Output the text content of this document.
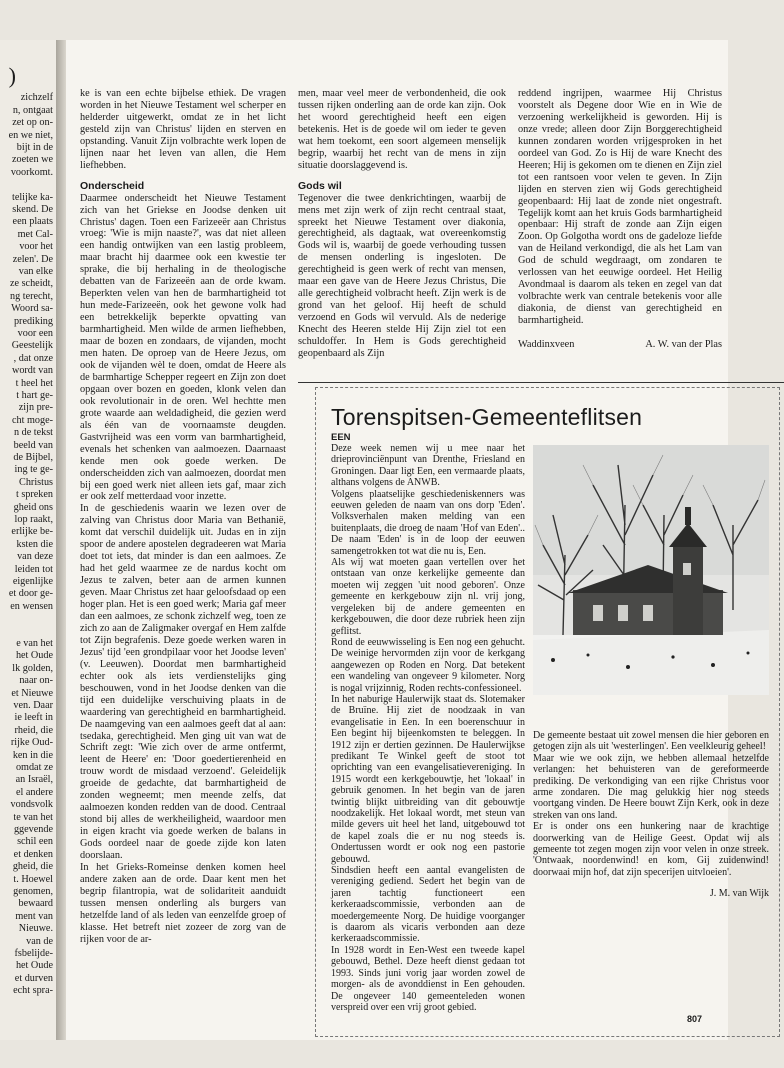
)
zichzelf
n, ontgaat
zet op on-
en we niet,
bijt in de
zoeten we
voorkomt.
telijke ka-
skend. De
een plaats
met Cal-
voor het
zelen'. De
van elke
ze scheidt,
ng terecht,
Woord sa-
prediking
voor een
Geestelijk
, dat onze
wordt van
t heel het
t hart ge-
zijn pre-
cht moge-
n de tekst
beeld van
de Bijbel,
ing te ge-
Christus
t spreken
gheid ons
lop raakt,
erlijke be-
ksten die
van deze
leiden tot
eigenlijke
et door ge-
en wensen
e van het
het Oude
lk golden,
naar on-
et Nieuwe
ven. Daar
ie leeft in
rheid, die
rijke Oud-
ken in die
omdat ze
an Israël,
el andere
vondsvolk
te van het
ggevende
schil een
et denken
gheid, die
t. Hoewel
genomen,
bewaard
ment van
Nieuwe.
van de
fsbelijde-
het Oude
et durven
echt spra-

ke is van een echte bijbelse ethiek. De vragen worden in het Nieuwe Testament wel scherper en helderder uitgewerkt, omdat ze in het licht gesteld zijn van Christus' lijden en sterven en opstanding. Vanuit Zijn volbrachte werk lopen de lijnen naar het leven van allen, die Hem liefhebben.

Onderscheid

Daarmee onderscheidt het Nieuwe Testament zich van het Griekse en Joodse denken uit Christus' dagen. Toen een Farizeeër aan Christus vroeg: 'Wie is mijn naaste?', was dat niet alleen een handig ontwijken van een lastig probleem, maar bracht hij daarmee ook een kwestie ter sprake, die bij herhaling in de theologische debatten van de Farizeeën aan de orde kwam. Beperkten velen van hen de barmhartigheid tot hun mede-Farizeeën, ook het gewone volk had een betrekkelijk beperkte opvatting van barmhartigheid. Men wilde de armen liefhebben, maar de bozen en zondaars, de vijanden, mocht men haten. De oproep van de Heere Jezus, om ook de vijanden wèl te doen, omdat de Heere als de barmhartige Schepper regeert en Zijn zon doet opgaan over bozen en goeden, klonk velen dan ook revolutionair in de oren. Wel hechtte men grote waarde aan weldadigheid, die gezien werd als één van de voornaamste deugden. Gastvrijheid was een vorm van barmhartigheid, evenals het schenken van aalmoezen. Daarnaast kende men ook goede werken. De onderscheidden zich van aalmoezen, doordat men bij een goed werk niet alleen iets gaf, maar zich er ook zelf metterdaad voor inzette.

In de geschiedenis waarin we lezen over de zalving van Christus door Maria van Bethanië, komt dat verschil duidelijk uit. Judas en in zijn spoor de andere apostelen degradeeren wat Maria doet tot iets, dat minder is dan een aalmoes. Ze had het geld waarmee ze de nardus kocht om Jezus te zalven, beter aan de armen kunnen geven. Maar Christus zet haar geloofsdaad op een hoger plan. Het is een goed werk; Maria gaf meer dan een aalmoes, ze schonk zichzelf weg, toen ze zich zo aan de Zaligmaker overgaf en Hem zalfde tot Zijn begrafenis. Deze goede werken waren in Jezus' tijd 'een grondpilaar voor het Joodse leven' (v. Leeuwen). Doordat men barmhartigheid echter ook als iets verdienstelijks ging beschouwen, vond in het Joodse denken van die tijd een duidelijke verschuiving plaats in de waardering van gerechtigheid en barmhartigheid. De naamgeving van een aalmoes geeft dat al aan: tsedaka, gerechtigheid. Men ging uit van wat de Schrift zegt: 'Wie zich over de arme ontfermt, leent de Heere' en: 'Door goedertierenheid en trouw wordt de misdaad verzoend'. Geleidelijk groeide de gedachte, dat barmhartigheid de zonden wegneemt; men meende zelfs, dat aalmoezen konden redden van de dood. Centraal stond bij alles de werkheiligheid, waardoor men in eigen kracht via goede werken de balans in Gods oordeel naar de goede zijde kon laten doorslaan.

In het Grieks-Romeinse denken komen heel andere zaken aan de orde. Daar kent men het begrip filantropia, wat de solidariteit aanduidt tussen mensen onderling als burgers van hetzelfde land of als leden van eenzelfde groep of klasse. Het betreft niet zozeer de zorg van de rijken voor de ar-

men, maar veel meer de verbondenheid, die ook tussen rijken onderling aan de orde kan zijn. Ook het woord gerechtigheid heeft een eigen betekenis. Het is de goede wil om ieder te geven wat hem toekomt, een soort algemeen menselijk begrip, waarbij het recht van de mens in zijn situatie doorslaggevend is.

Gods wil

Tegenover die twee denkrichtingen, waarbij de mens met zijn werk of zijn recht centraal staat, spreekt het Nieuwe Testament over diakonia, gerechtigheid, als dagtaak, wat overeenkomstig Gods wil is, waarbij de goede verhouding tussen de mensen onderling is ingesloten. De gerechtigheid is geen werk of recht van mensen, maar een gave van de Heere Jezus Christus, Die alle gerechtigheid volbracht heeft. Zijn werk is de grond van het geloof. Hij heeft de schuld verzoend en Gods wil vervuld. Als de nederige Knecht des Heeren stelde Hij Zijn ziel tot een schuldoffer. In Hem is Gods gerechtigheid geopenbaard als Zijn

reddend ingrijpen, waarmee Hij Christus voorstelt als Degene door Wie en in Wie de verzoening werkelijkheid is geworden. Hij is onze vrede; alleen door Zijn Borggerechtigheid kunnen zondaren worden vrijgesproken in het oordeel van God. Zo is Hij de ware Knecht des Heeren; Hij is gekomen om te dienen en Zijn ziel tot een rantsoen voor velen te geven. In Zijn lijden en sterven zien wij Gods gerechtigheid geopenbaard: Hij laat de zonde niet ongestraft. Tegelijk komt aan het kruis Gods barmhartigheid openbaar: Hij straft de zonde aan Zijn eigen Zoon. Op Golgotha wordt ons de gadeloze liefde van de Heiland verkondigd, die als het Lam van God de schuld wegdraagt, om zondaren te verlossen van het eeuwige oordeel. Het Heilig Avondmaal is daarom als teken en zegel van dat volbrachte werk van centrale betekenis voor alle diakonia, de dienst van gerechtigheid en barmhartigheid.

Waddinxveen	A. W. van der Plas
Torenspitsen-Gemeenteflitsen
EEN

Deze week nemen wij u mee naar het drieprovinciënpunt van Drenthe, Friesland en Groningen. Daar ligt Een, een vermaarde plaats, althans volgens de ANWB.

Volgens plaatselijke geschiedeniskenners was eeuwen geleden de naam van ons dorp 'Eden'. Volksverhalen maken melding van een buitenplaats, die droeg de naam 'Hof van Eden'.. De naam 'Eden' is in de loop der eeuwen samengetrokken tot wat die nu is, Een.

Als wij wat moeten gaan vertellen over het ontstaan van onze kerkelijke gemeente dan moeten wij zeggen 'uit nood geboren'. Onze gemeente en kerkgebouw zijn nl. vrij jong, vergeleken bij de andere gemeenten en kerkgebouwen, die door deze rubriek heen zijn geflitst.

Rond de eeuwwisseling is Een nog een gehucht. De weinige hervormden zijn voor de kerkgang aangewezen op Roden en Norg. Dat betekent een wandeling van ongeveer 9 kilometer. Norg is nogal vrijzinnig, Roden rechts-confessioneel.

In het naburige Haulerwijk staat ds. Slotemaker de Bruïne. Hij ziet de noodzaak in van evangelisatie in Een. In een boerenschuur in Een begint hij bijeenkomsten te beleggen. In 1912 zijn er dertien gezinnen. De Haulerwijkse predikant Te Winkel geeft de stoot tot oprichting van een evangelisatievereniging. In 1915 wordt een kerkgebouwtje, het 'lokaal' in gebruik genomen. In het begin van de jaren twintig blijkt uitbreiding van dit gebouwtje noodzakelijk. Het lokaal wordt, met steun van milde gevers uit heel het land, uitgebouwd tot de kapel zoals die er nu nog steeds is. Ondertussen wordt er ook nog een pastorie gebouwd.

Sindsdien heeft een aantal evangelisten de vereniging gediend. Sedert het begin van de jaren tachtig functioneert een kerkeraadscommissie, verbonden aan de moedergemeente Norg. De huidige voorganger is daarom als vicaris verbonden aan deze kerkeraadscommissie.

In 1928 wordt in Een-West een tweede kapel gebouwd, Bethel. Deze heeft dienst gedaan tot 1993. Sinds juni vorig jaar worden zowel de morgen- als de avonddienst in Een gehouden. De ongeveer 140 gemeenteleden wonen verspreid over een vrij groot gebied.

De gemeente bestaat uit zowel mensen die hier geboren en getogen zijn als uit 'westerlingen'. Een veelkleurig geheel!

Maar wie we ook zijn, we hebben allemaal hetzelfde verlangen: het behuisteren van de gereformeerde prediking. De verkondiging van een rijke Christus voor arme zondaren. Die mag gelukkig hier nog steeds voortgang vinden. De Heere bouwt Zijn Kerk, ook in deze streken van ons land.

Er is onder ons een hunkering naar de krachtige doorwerking van de Heilige Geest. Opdat wij als gemeente tot zegen mogen zijn voor velen in onze streek. 'Ontwaak, noordenwind! en kom, Gij zuidenwind! doorwaai mijn hof, dat zijn specerijen uitvloeien'.

J. M. van Wijk

807
